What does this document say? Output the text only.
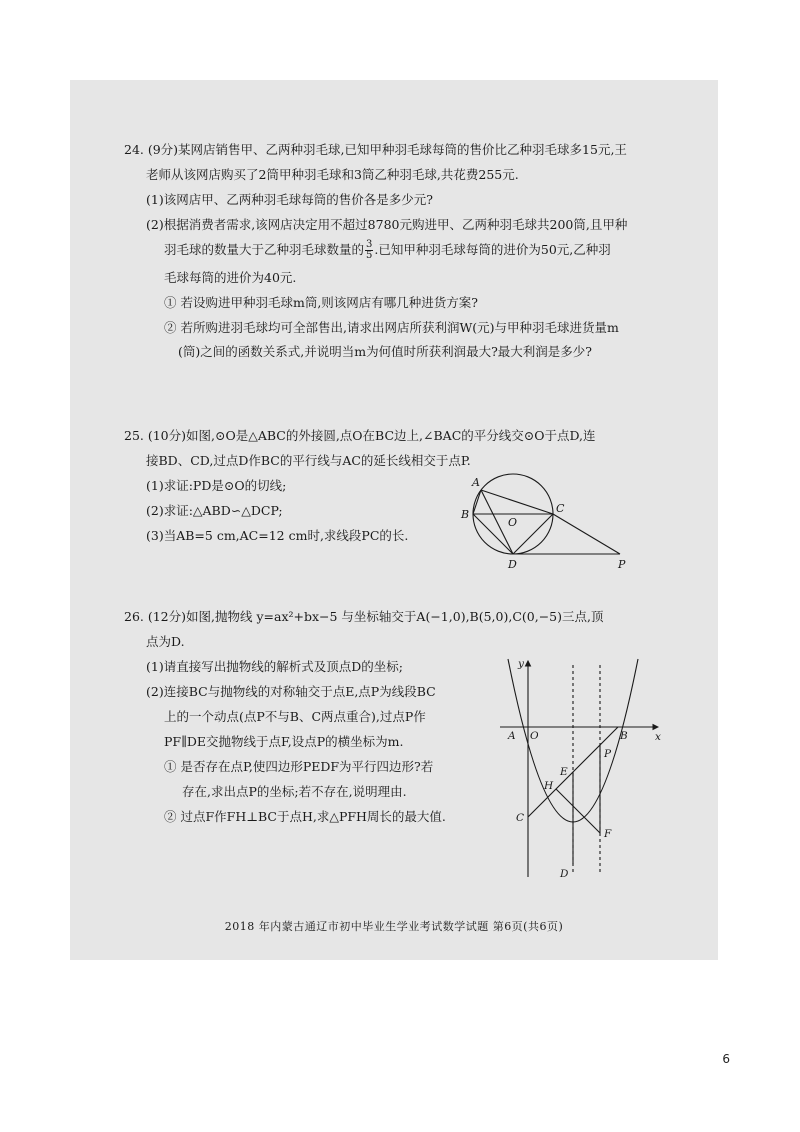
24. (9分)某网店销售甲、乙两种羽毛球,已知甲种羽毛球每筒的售价比乙种羽毛球多15元,王
老师从该网店购买了2筒甲种羽毛球和3筒乙种羽毛球,共花费255元.
(1)该网店甲、乙两种羽毛球每筒的售价各是多少元?
(2)根据消费者需求,该网店决定用不超过8780元购进甲、乙两种羽毛球共200筒,且甲种
羽毛球的数量大于乙种羽毛球数量的 $\frac{3}{5}$ .已知甲种羽毛球每筒的进价为50元,乙种羽
毛球每筒的进价为40元.
① 若设购进甲种羽毛球m筒,则该网店有哪几种进货方案?
② 若所购进羽毛球均可全部售出,请求出网店所获利润W(元)与甲种羽毛球进货量m
(筒)之间的函数关系式,并说明当m为何值时所获利润最大?最大利润是多少?
25. (10分)如图,⊙O是△ABC的外接圆,点O在BC边上,∠BAC的平分线交⊙O于点D,连
接BD、CD,过点D作BC的平行线与AC的延长线相交于点P.
(1)求证:PD是⊙O的切线;
(2)求证:△ABD∽△DCP;
(3)当AB=5 cm,AC=12 cm时,求线段PC的长.
A
B
O
C
D	P
26. (12分)如图,抛物线 y=ax²+bx−5 与坐标轴交于A(−1,0),B(5,0),C(0,−5)三点,顶
点为D.
(1)请直接写出抛物线的解析式及顶点D的坐标;
(2)连接BC与抛物线的对称轴交于点E,点P为线段BC
上的一个动点(点P不与B、C两点重合),过点P作
PF∥DE交抛物线于点F,设点P的横坐标为m.
① 是否存在点P,使四边形PEDF为平行四边形?若
存在,求出点P的坐标;若不存在,说明理由.
② 过点F作FH⊥BC于点H,求△PFH周长的最大值.
y
x
A O	B
P
E
H
C
F
D
2018 年内蒙古通辽市初中毕业生学业考试数学试题 第6页(共6页)
6
